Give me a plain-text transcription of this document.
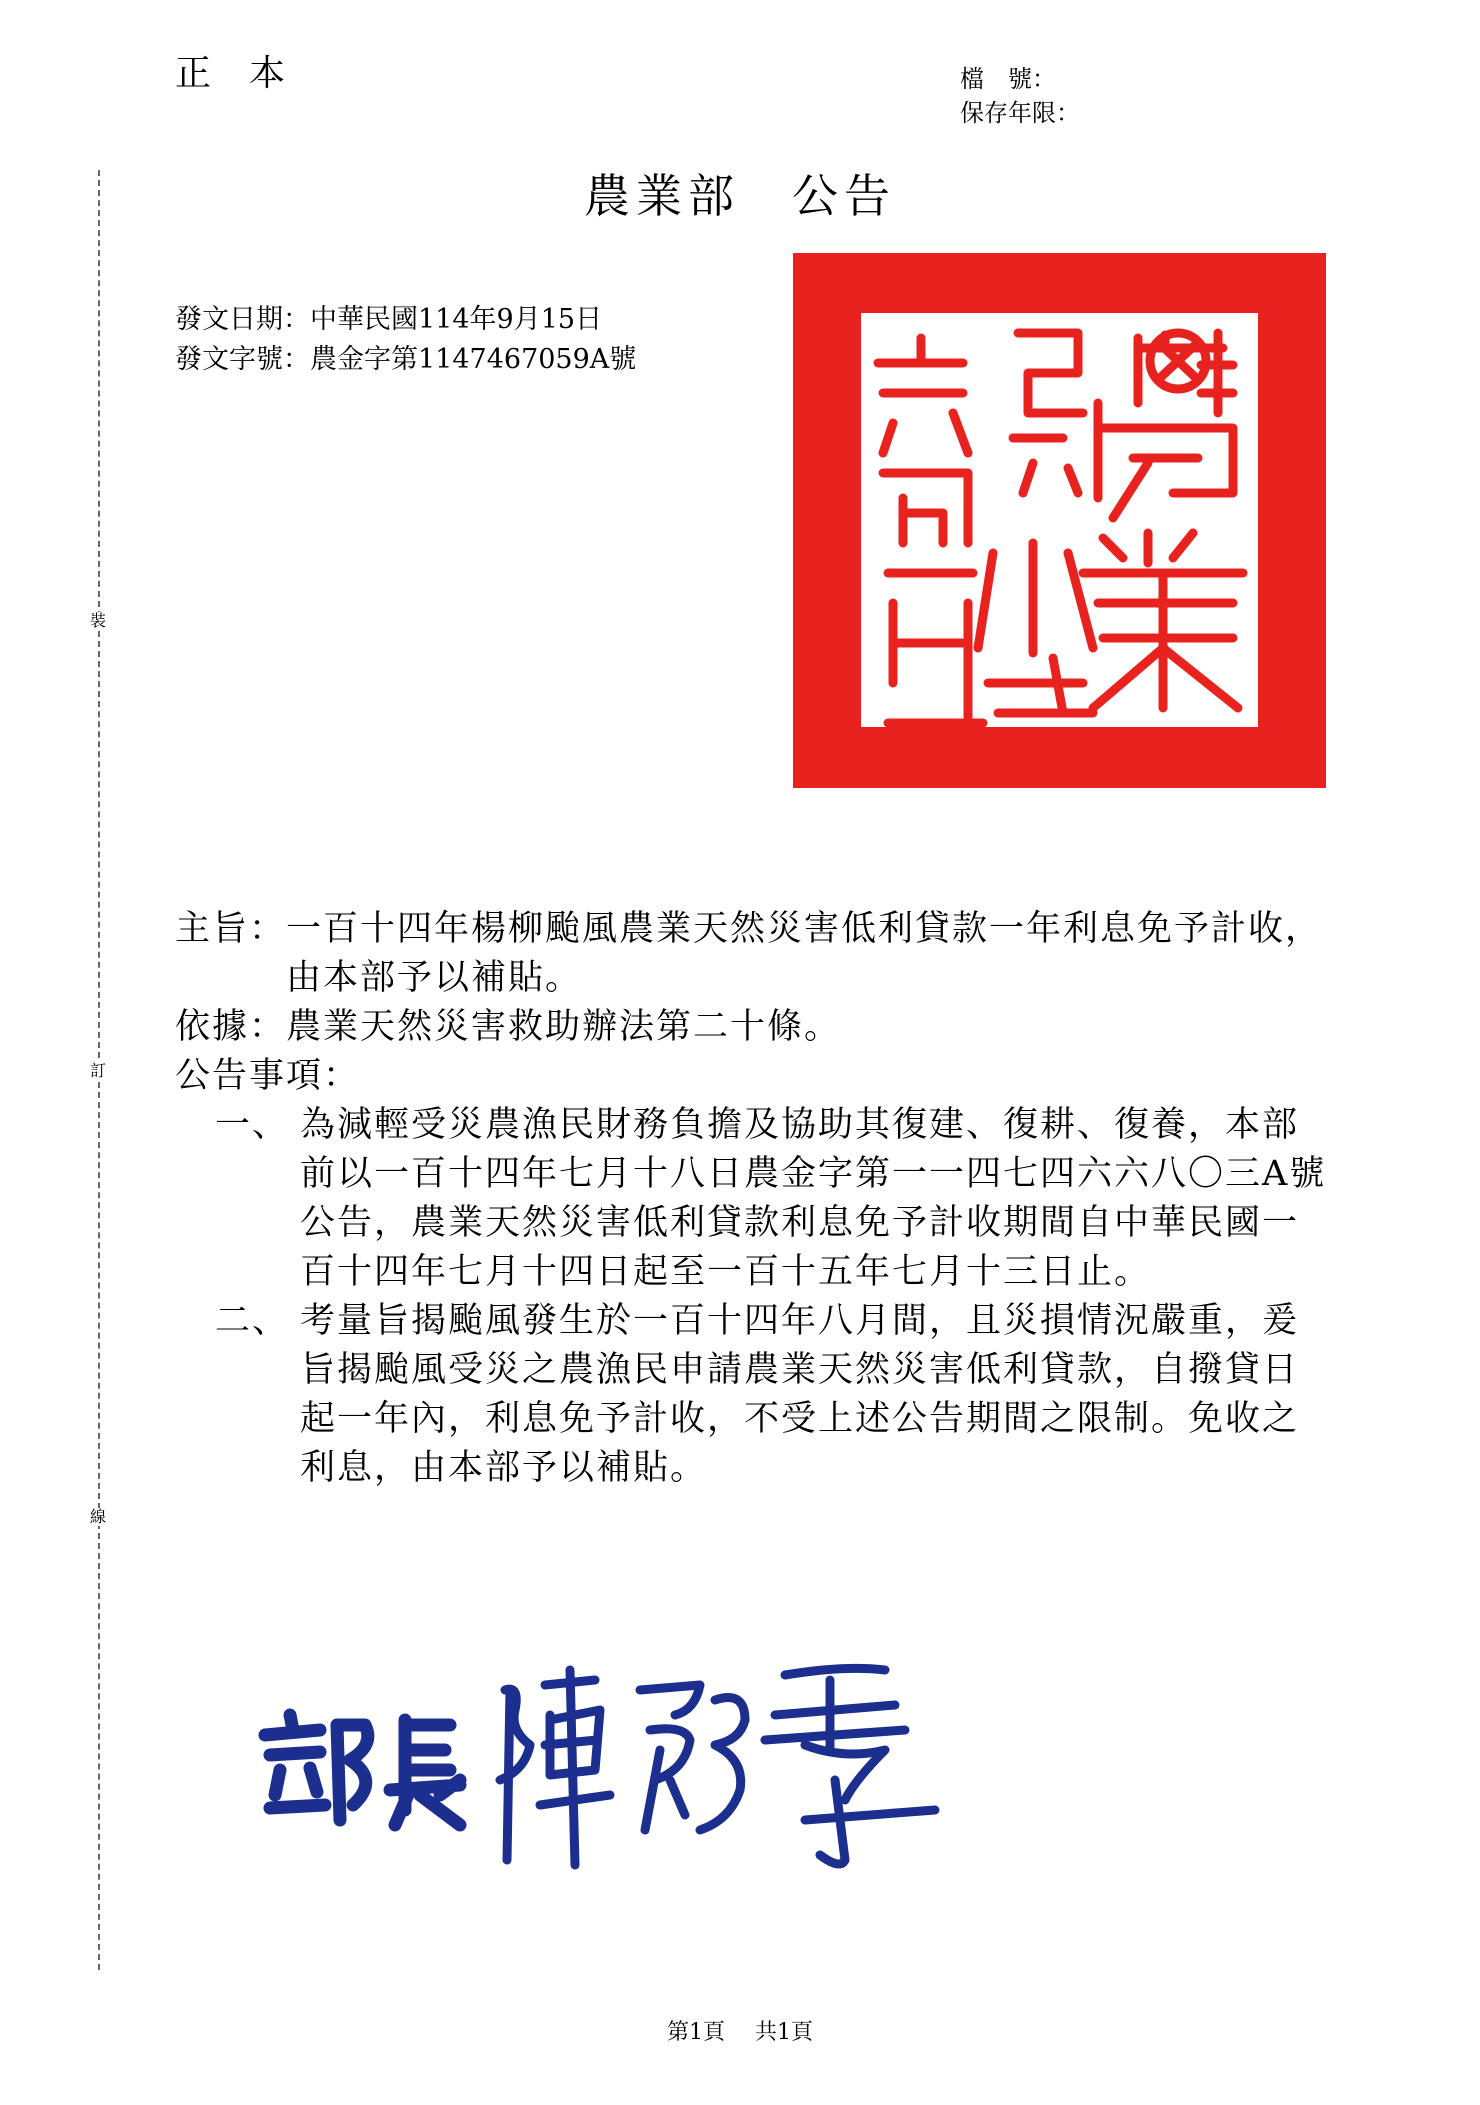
正本	檔　號：
保存年限：
裝
訂
線
農業部 公告
發文日期：中華民國114年9月15日
發文字號：農金字第1147467059A號
主旨： 一百十四年楊柳颱風農業天然災害低利貸款一年利息免予計收，由本部予以補貼。
依據： 農業天然災害救助辦法第二十條。
公告事項：
一、 為減輕受災農漁民財務負擔及協助其復建、復耕、復養，本部前以一百十四年七月十八日農金字第一一四七四六六八〇三A號公告，農業天然災害低利貸款利息免予計收期間自中華民國一百十四年七月十四日起至一百十五年七月十三日止。
二、 考量旨揭颱風發生於一百十四年八月間，且災損情況嚴重，爰旨揭颱風受災之農漁民申請農業天然災害低利貸款，自撥貸日起一年內，利息免予計收，不受上述公告期間之限制。免收之利息，由本部予以補貼。
第1頁 共1頁
